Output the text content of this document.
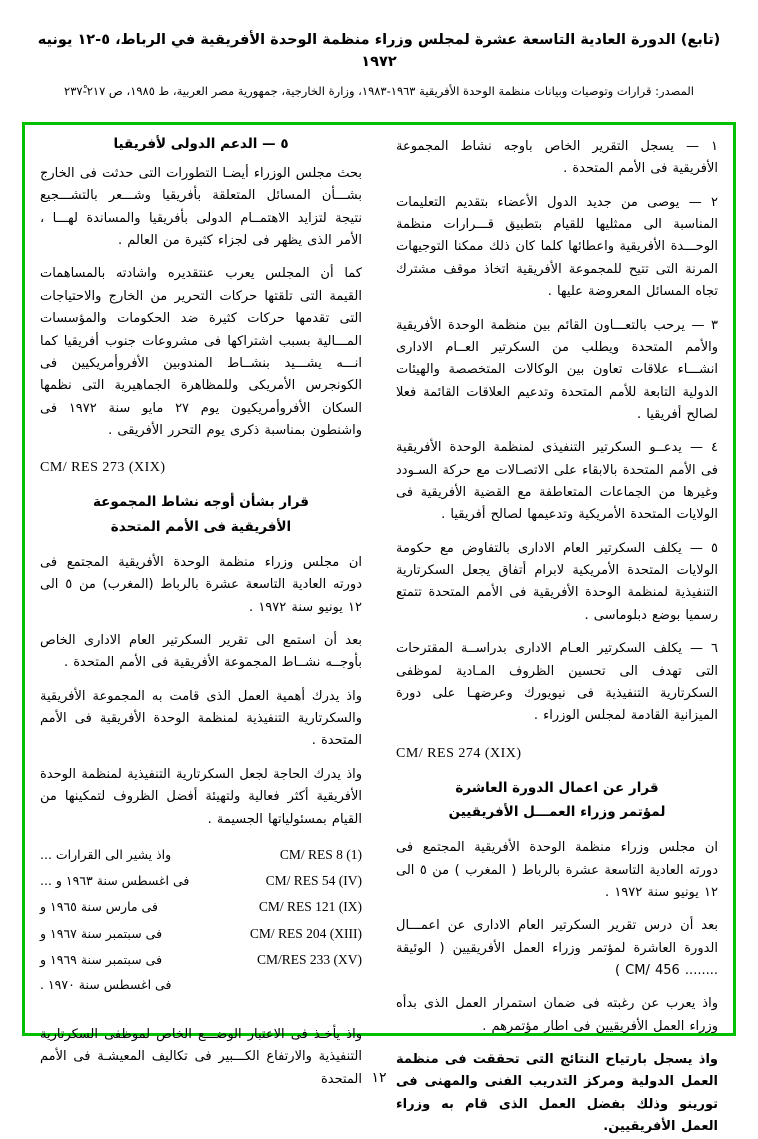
(تابع) الدورة العادية التاسعة عشرة لمجلس وزراء منظمة الوحدة الأفريقية في الرباط، ٥-١٢ يونيه ١٩٧٢
المصدر: قرارات وتوصيات وبيانات منظمة الوحدة الأفريقية ١٩٦٣-١٩٨٣، وزارة الخارجية، جمهورية مصر العربية، ط ١٩٨٥، ص ٢١٧-٢٣٧ْ
١ — يسجل التقرير الخاص باوجه نشاط المجموعة الأفريقية فى الأمم المتحدة .
٢ — يوصى من جديد الدول الأعضاء بتقديم التعليمات المناسبة الى ممثليها للقيام بتطبيق قـــرارات منظمة الوحـــدة الأفريقية واعطائها كلما كان ذلك ممكنا التوجيهات المرنة التى تتيح للمجموعة الأفريقية اتخاذ موقف مشترك تجاه المسائل المعروضة عليها .
٣ — يرحب بالتعـــاون القائم بين منظمة الوحدة الأفريقية والأمم المتحدة ويطلب من السكرتير العــام الادارى انشـــاء علاقات تعاون بين الوكالات المتخصصة والهيئات الدولية التابعة للأمم المتحدة وتدعيم العلاقات القائمة فعلا لصالح أفريقيا .
٤ — يدعــو السكرتير التنفيذى لمنظمة الوحدة الأفريقية فى الأمم المتحدة بالابقاء على الاتصـالات مع حركة السـودد وغيرها من الجماعات المتعاطفة مع القضية الأفريقية فى الولايات المتحدة الأمريكية وتدعيمها لصالح أفريقيا .
٥ — يكلف السكرتير العام الادارى بالتفاوض مع حكومة الولايات المتحدة الأمريكية لابرام أتفاق يجعل السكرتارية التنفيذية لمنظمة الوحدة الأفريقية فى الأمم المتحدة تتمتع رسميا بوضع دبلوماسى .
٦ — يكلف السكرتير العـام الادارى بدراســة المقترحات التى تهدف الى تحسين الظروف المـادية لموظفى السكرتارية التنفيذية فى نيويورك وعرضهـا على دورة الميزانية القادمة لمجلس الوزراء .
CM/ RES 274 (XIX)
قرار عن اعمال الدورة العاشرة
لمؤتمر وزراء العمـــل الأفريقيين
ان مجلس وزراء منظمة الوحدة الأفريقية المجتمع فى دورته العادية التاسعة عشرة بالرباط ( المغرب ) من ٥ الى ١٢ يونيو سنة ١٩٧٢ .
بعد أن درس تقرير السكرتير العام الادارى عن اعمـــال الدورة العاشرة لمؤتمر وزراء العمل الأفريقيين ( الوئيقة ........ CM/ 456 )
واذ يعرب عن رغبته فى ضمان استمرار العمل الذى بدأه وزراء العمل الأفريقيين فى اطار مؤتمرهم .
واذ يسجل بارتياح النتائج التى تحققت فى منظمة العمل الدولية ومركز التدريب الفنى والمهنى فى تورينو وذلك بفضل العمل الذى قام به وزراء العمل الأفريقيين.
٥ — الدعم الدولى لأفريقيا
بحث مجلس الوزراء أيضـا التطورات التى حدثت فى الخارج بشـــأن المسائل المتعلقة بأفريقيا وشـــعر بالتشـــجيع نتيجة لتزايد الاهتمــام الدولى بأفريقيا والمساندة لهـــا ، الأمر الذى يظهر فى لجزاء كثيرة من العالم .
كما أن المجلس يعرب عنتقديره واشادته بالمساهمات القيمة التى تلقتها حركات التحرير من الخارج والاحتياجات التى تقدمها حركات كثيرة ضد الحكومات والمؤسسات المـــالية بسبب اشتراكها فى مشروعات جنوب أفريقيا كما انـــه يشـــيد بنشــاط المندوبين الأفروأمريكيين فى الكونجرس الأمريكى وللمظاهرة الجماهيرية التى نظمها السكان الأفروأمريكيون يوم ٢٧ مايو سنة ١٩٧٢ فى واشنطون بمناسبة ذكرى يوم التحرر الأفريقى .
CM/ RES 273 (XIX)
قرار بشأن أوجه نشاط المجموعة
الأفريقية فى الأمم المتحدة
ان مجلس وزراء منظمة الوحدة الأفريقية المجتمع فى دورته العادية التاسعة عشرة بالرباط (المغرب) من ٥ الى ١٢ يونيو سنة ١٩٧٢ .
بعد أن استمع الى تقرير السكرتير العام الادارى الخاص بأوجــه نشــاط المجموعة الأفريقية فى الأمم المتحدة .
واذ يدرك أهمية العمل الذى قامت به المجموعة الأفريقية والسكرتارية التنفيذية لمنظمة الوحدة الأفريقية فى الأمم المتحدة .
واذ يدرك الحاجة لجعل السكرتارية التنفيذية لمنظمة الوحدة الأفريقية أكثر فعالية ولتهيئة أفضل الظروف لتمكينها من القيام بمسئولياتها الجسيمة .
CM/ RES 8 (1)
واذ يشير الى القرارات ...
CM/ RES 54 (IV)
فى اغسطس سنة ١٩٦٣ و ...
CM/ RES 121 (IX)
فى مارس سنة ١٩٦٥ و
CM/ RES 204 (XIII)
فى سبتمبر سنة ١٩٦٧ و
CM/RES 233 (XV)
فى سبتمبر سنة ١٩٦٩ و
فى اغسطس سنة ١٩٧٠ .
واذ يأخـذ فى الاعتبار الوضـــع الخاص لموظفى السكرتارية التنفيذية والارتفاع الكـــبير فى تكاليف المعيشـة فى الأمم المتحدة ١٢
